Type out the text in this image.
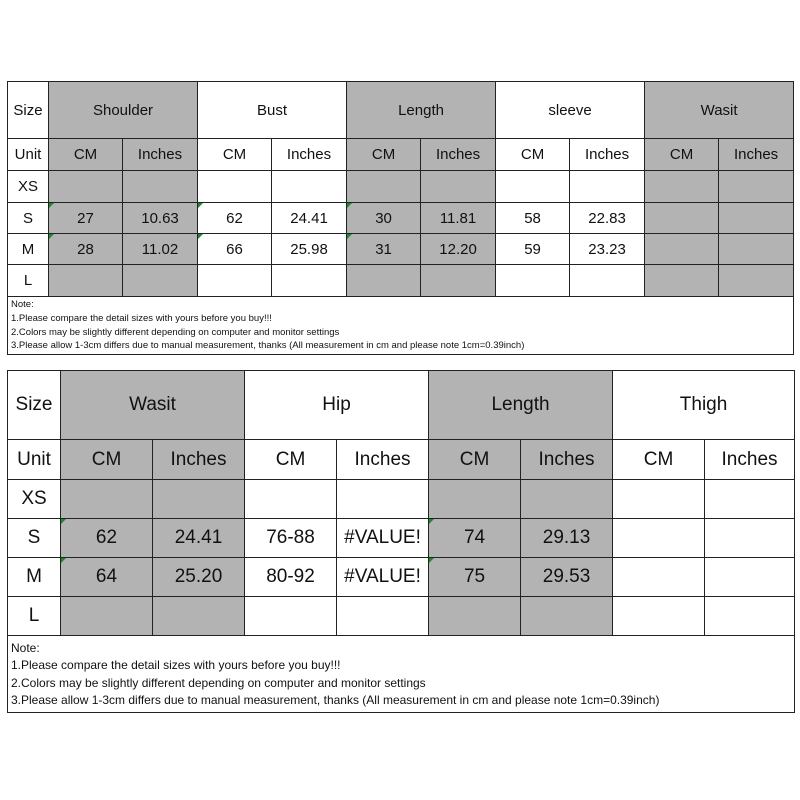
Size	Shoulder		Bust		Length		sleeve		Wasit	
Unit	CM	Inches	CM	Inches	CM	Inches	CM	Inches	CM	Inches
XS										
S	27	10.63	62	24.41	30	11.81	58	22.83		
M	28	11.02	66	25.98	31	12.20	59	23.23		
L										

Note:
1.Please compare the detail sizes with yours before you buy!!!
2.Colors may be slightly different depending on computer and monitor settings
3.Please allow 1-3cm differs due to manual measurement, thanks (All measurement in cm and please note 1cm=0.39inch)										
Size	Wasit		Hip		Length		Thigh	
Unit	CM	Inches	CM	Inches	CM	Inches	CM	Inches
XS								
S	62	24.41	76-88	#VALUE!	74	29.13		
M	64	25.20	80-92	#VALUE!	75	29.53		
L								

Note:
1.Please compare the detail sizes with yours before you buy!!!
2.Colors may be slightly different depending on computer and monitor settings
3.Please allow 1-3cm differs due to manual measurement, thanks (All measurement in cm and please note 1cm=0.39inch)								
